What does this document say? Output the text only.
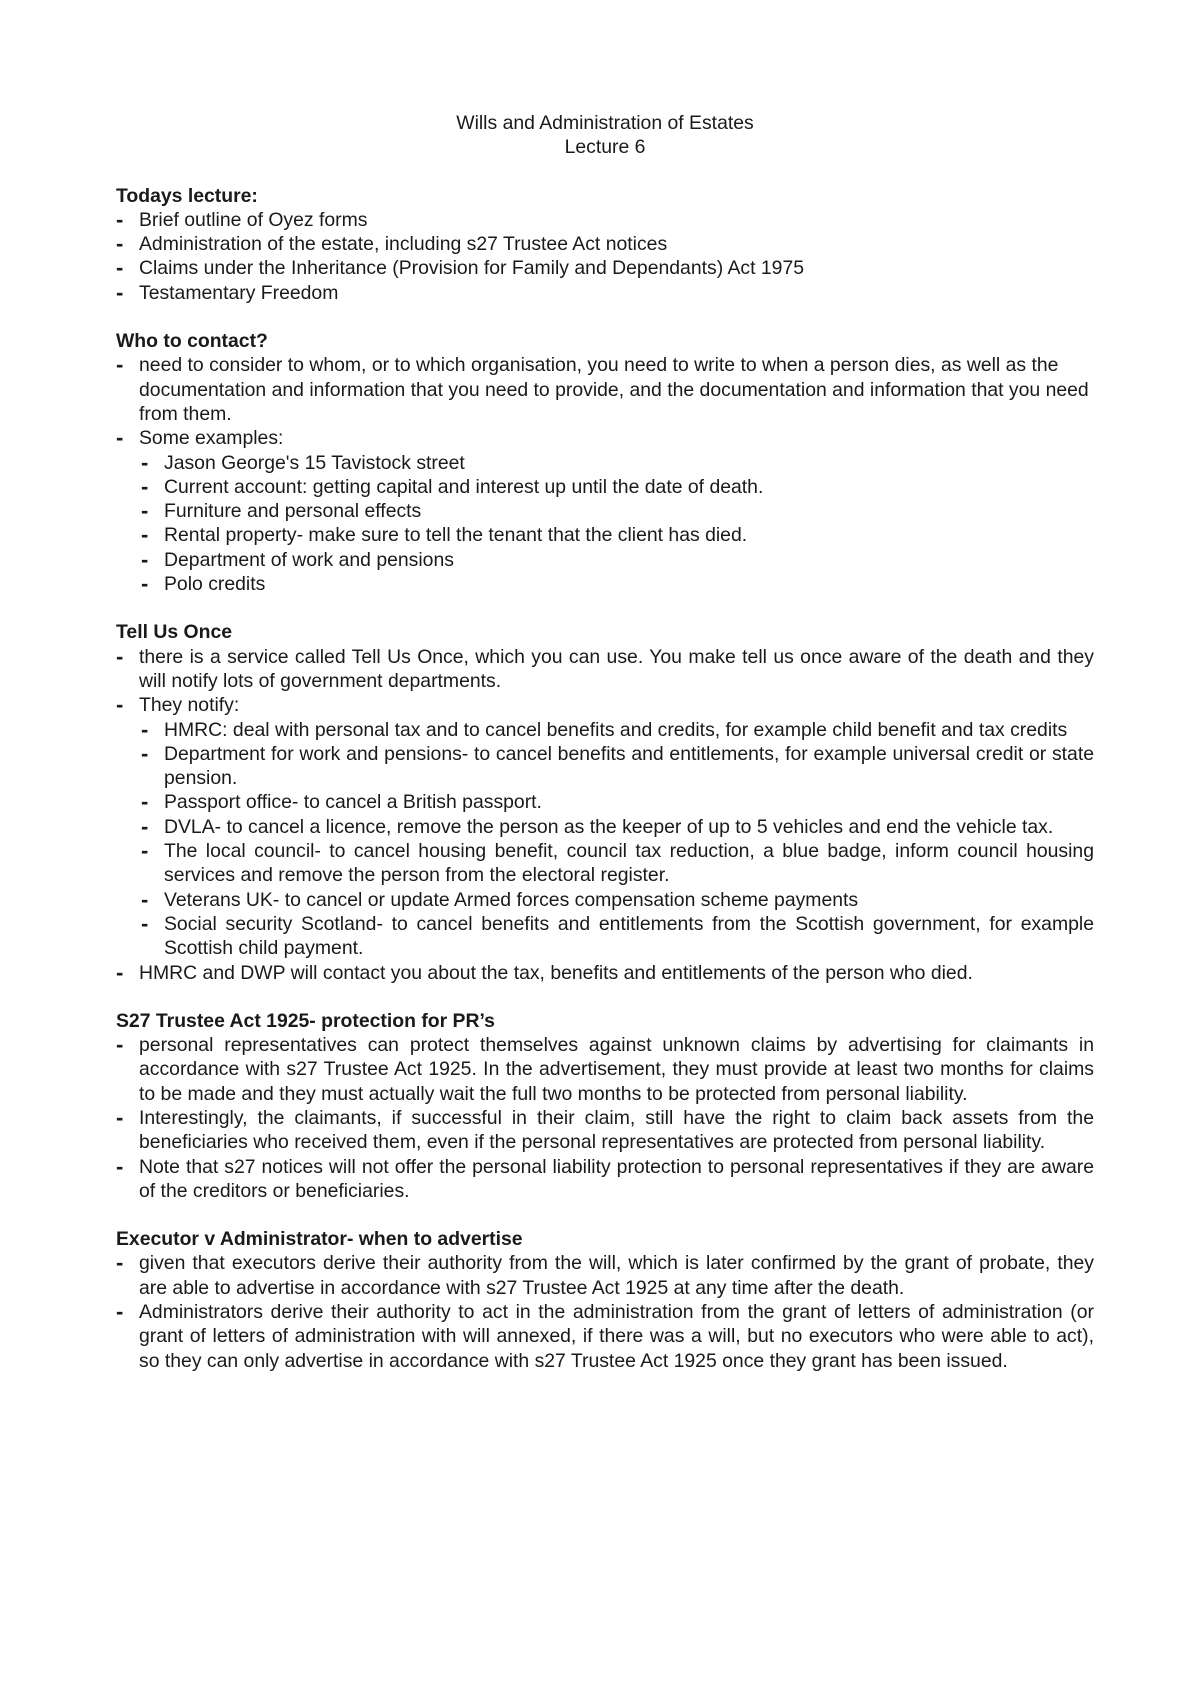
Wills and Administration of Estates

Lecture 6

Todays lecture:

- Brief outline of Oyez forms
- Administration of the estate, including s27 Trustee Act notices
- Claims under the Inheritance (Provision for Family and Dependants) Act 1975
- Testamentary Freedom

Who to contact?

- need to consider to whom, or to which organisation, you need to write to when a person dies, as well as the documentation and information that you need to provide, and the documentation and information that you need from them.
- Some examples:
- Jason George's 15 Tavistock street
- Current account: getting capital and interest up until the date of death.
- Furniture and personal effects
- Rental property- make sure to tell the tenant that the client has died.
- Department of work and pensions
- Polo credits

Tell Us Once

- there is a service called Tell Us Once, which you can use. You make tell us once aware of the death and they will notify lots of government departments.
- They notify:
- HMRC: deal with personal tax and to cancel benefits and credits, for example child benefit and tax credits
- Department for work and pensions- to cancel benefits and entitlements, for example universal credit or state pension.
- Passport office- to cancel a British passport.
- DVLA- to cancel a licence, remove the person as the keeper of up to 5 vehicles and end the vehicle tax.
- The local council- to cancel housing benefit, council tax reduction, a blue badge, inform council housing services and remove the person from the electoral register.
- Veterans UK- to cancel or update Armed forces compensation scheme payments
- Social security Scotland- to cancel benefits and entitlements from the Scottish government, for example Scottish child payment.
- HMRC and DWP will contact you about the tax, benefits and entitlements of the person who died.

S27 Trustee Act 1925- protection for PR’s

- personal representatives can protect themselves against unknown claims by advertising for claimants in accordance with s27 Trustee Act 1925. In the advertisement, they must provide at least two months for claims to be made and they must actually wait the full two months to be protected from personal liability.
- Interestingly, the claimants, if successful in their claim, still have the right to claim back assets from the beneficiaries who received them, even if the personal representatives are protected from personal liability.
- Note that s27 notices will not offer the personal liability protection to personal representatives if they are aware of the creditors or beneficiaries.

Executor v Administrator- when to advertise

- given that executors derive their authority from the will, which is later confirmed by the grant of probate, they are able to advertise in accordance with s27 Trustee Act 1925 at any time after the death.
- Administrators derive their authority to act in the administration from the grant of letters of administration (or grant of letters of administration with will annexed, if there was a will, but no executors who were able to act), so they can only advertise in accordance with s27 Trustee Act 1925 once they grant has been issued.
